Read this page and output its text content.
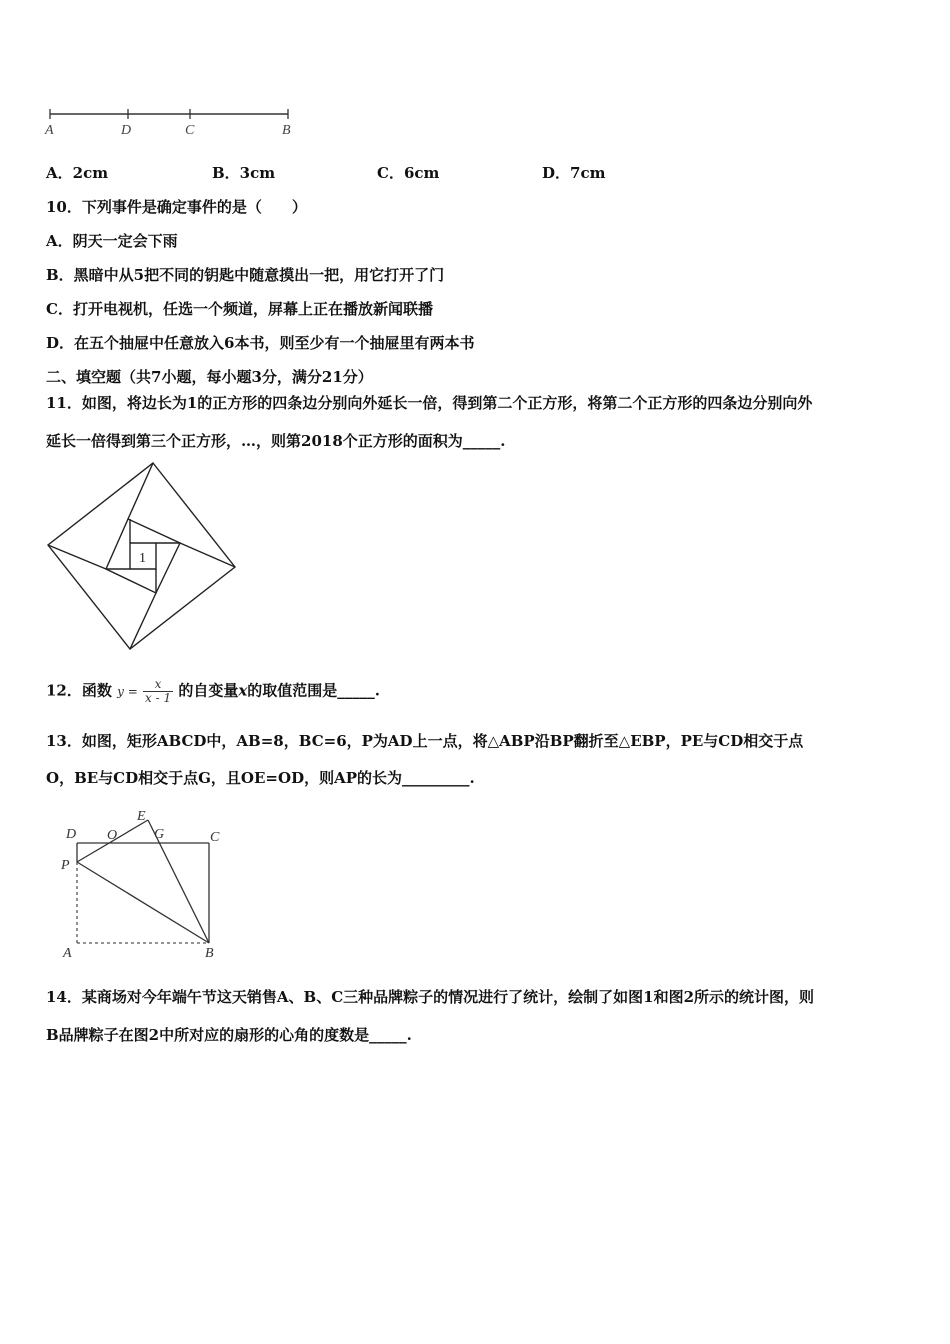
A	D	C	B
A．2cm	B．3cm	C．6cm	D．7cm
10．下列事件是确定事件的是（　　）
A．阴天一定会下雨
B．黑暗中从5把不同的钥匙中随意摸出一把，用它打开了门
C．打开电视机，任选一个频道，屏幕上正在播放新闻联播
D．在五个抽屉中任意放入6本书，则至少有一个抽屉里有两本书
二、填空题（共7小题，每小题3分，满分21分）
11．如图，将边长为1的正方形的四条边分别向外延长一倍，得到第二个正方形，将第二个正方形的四条边分别向外
延长一倍得到第三个正方形，…，则第2018个正方形的面积为_____.
1
12．函数 $y = \frac{x}{x - 1}$ 的自变量x的取值范围是_____.
13．如图，矩形ABCD中，AB=8，BC=6，P为AD上一点，将△ABP沿BP翻折至△EBP，PE与CD相交于点
O，BE与CD相交于点G，且OE=OD，则AP的长为_________.
D O
E
G	C
P
A	B
14．某商场对今年端午节这天销售A、B、C三种品牌粽子的情况进行了统计，绘制了如图1和图2所示的统计图，则
B品牌粽子在图2中所对应的扇形的心角的度数是_____.
